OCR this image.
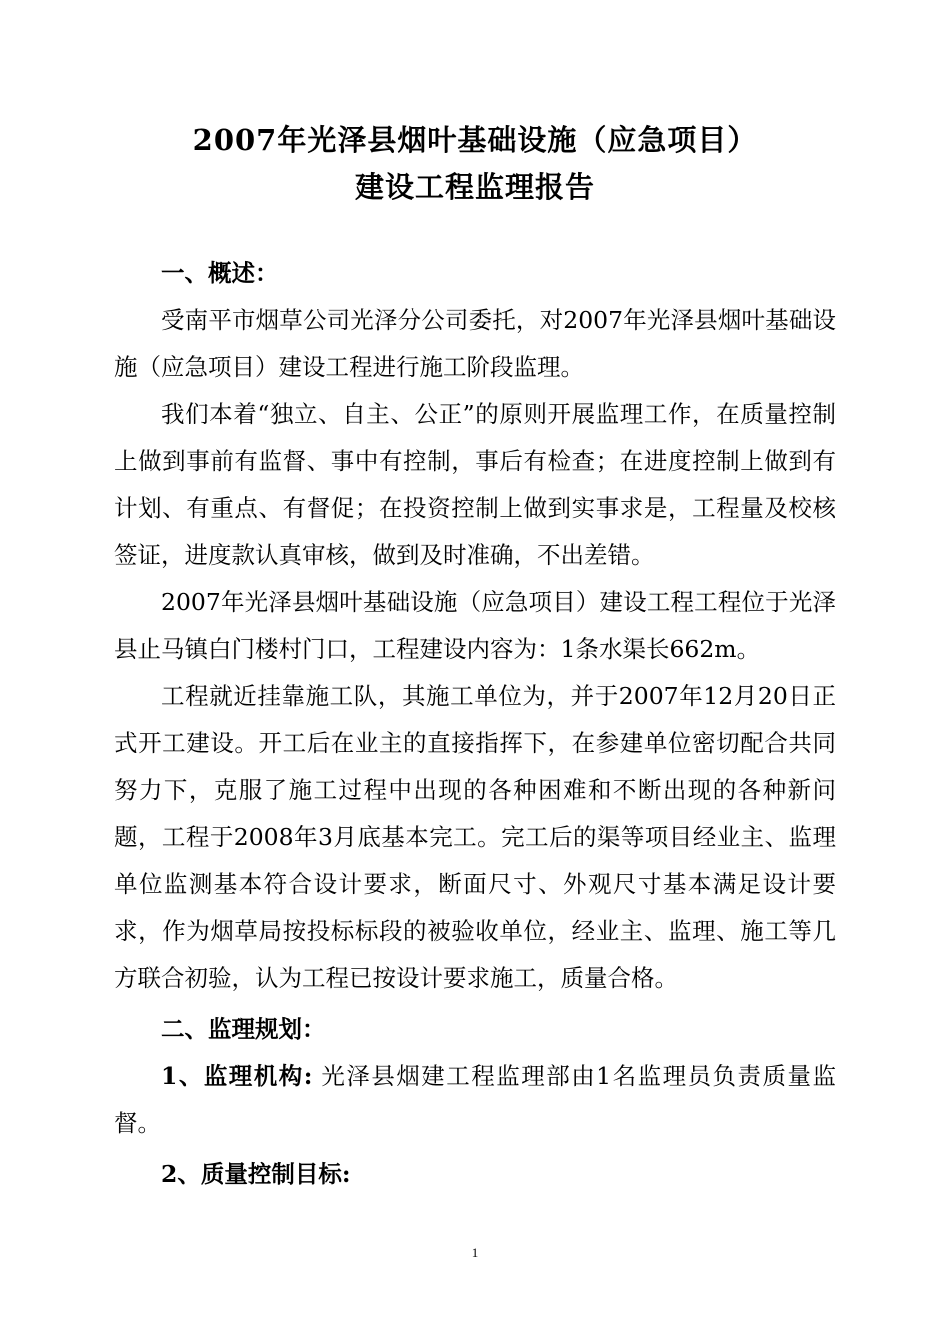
2007年光泽县烟叶基础设施（应急项目）
建设工程监理报告

一、概述：

受南平市烟草公司光泽分公司委托，对2007年光泽县烟叶基础设施（应急项目）建设工程进行施工阶段监理。

我们本着“独立、自主、公正”的原则开展监理工作，在质量控制上做到事前有监督、事中有控制，事后有检查；在进度控制上做到有计划、有重点、有督促；在投资控制上做到实事求是，工程量及校核签证，进度款认真审核，做到及时准确，不出差错。

2007年光泽县烟叶基础设施（应急项目）建设工程工程位于光泽县止马镇白门楼村门口，工程建设内容为：1条水渠长662m。

工程就近挂靠施工队，其施工单位为，并于2007年12月20日正式开工建设。开工后在业主的直接指挥下，在参建单位密切配合共同努力下，克服了施工过程中出现的各种困难和不断出现的各种新问题，工程于2008年3月底基本完工。完工后的渠等项目经业主、监理单位监测基本符合设计要求，断面尺寸、外观尺寸基本满足设计要求，作为烟草局按投标标段的被验收单位，经业主、监理、施工等几方联合初验，认为工程已按设计要求施工，质量合格。

二、监理规划：

1、监理机构: 光泽县烟建工程监理部由1名监理员负责质量监督。

2、质量控制目标:

1
